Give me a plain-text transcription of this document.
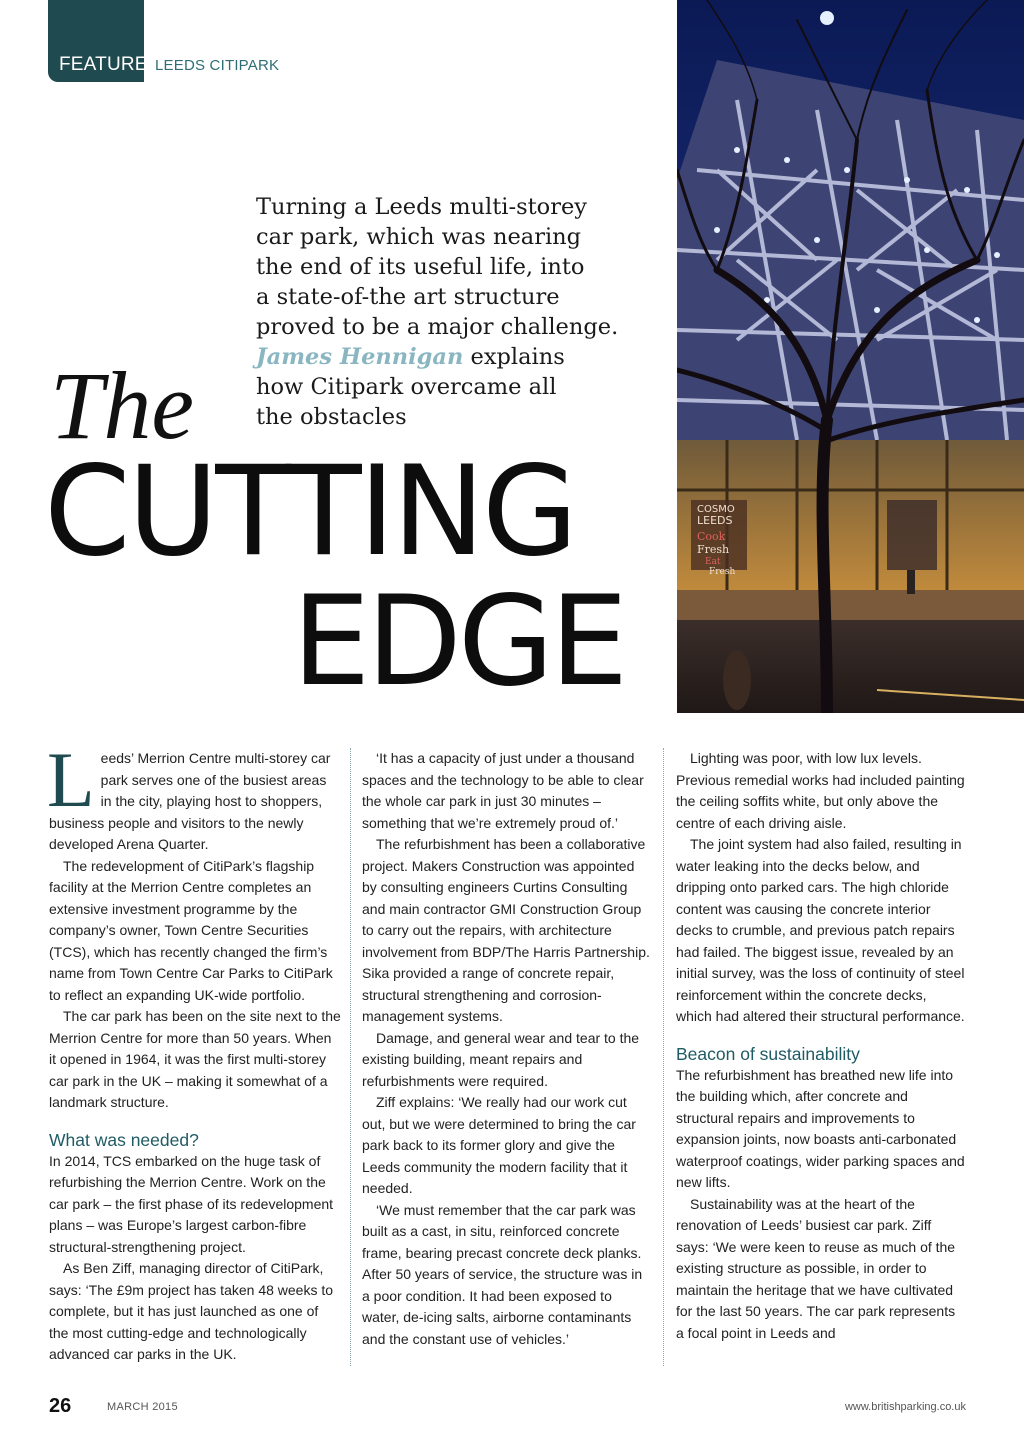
FEATURE LEEDS CITIPARK
Turning a Leeds multi-storey
car park, which was nearing
the end of its useful life, into
a state-of-the art structure
proved to be a major challenge.
James Hennigan explains
how Citipark overcame all
the obstacles
The
CUTTING
EDGE
COSMO
LEEDS
Cook
Fresh
Eat
Fresh

Leeds’ Merrion Centre multi-storey car park serves one of the busiest areas in the city, playing host to shoppers, business people and visitors to the newly developed Arena Quarter.

The redevelopment of CitiPark’s flagship facility at the Merrion Centre completes an extensive investment programme by the company’s owner, Town Centre Securities (TCS), which has recently changed the firm’s name from Town Centre Car Parks to CitiPark to reflect an expanding UK-wide portfolio.

The car park has been on the site next to the Merrion Centre for more than 50 years. When it opened in 1964, it was the first multi-storey car park in the UK – making it somewhat of a landmark structure.

What was needed?

In 2014, TCS embarked on the huge task of refurbishing the Merrion Centre. Work on the car park – the first phase of its redevelopment plans – was Europe’s largest carbon-fibre structural-strengthening project.

As Ben Ziff, managing director of CitiPark, says: ‘The £9m project has taken 48 weeks to complete, but it has just launched as one of the most cutting-edge and technologically advanced car parks in the UK.

‘It has a capacity of just under a thousand spaces and the technology to be able to clear the whole car park in just 30 minutes – something that we’re extremely proud of.’

The refurbishment has been a collaborative project. Makers Construction was appointed by consulting engineers Curtins Consulting and main contractor GMI Construction Group to carry out the repairs, with architecture involvement from BDP/The Harris Partnership. Sika provided a range of concrete repair, structural strengthening and corrosion-management systems.

Damage, and general wear and tear to the existing building, meant repairs and refurbishments were required.

Ziff explains: ‘We really had our work cut out, but we were determined to bring the car park back to its former glory and give the Leeds community the modern facility that it needed.

‘We must remember that the car park was built as a cast, in situ, reinforced concrete frame, bearing precast concrete deck planks. After 50 years of service, the structure was in a poor condition. It had been exposed to water, de-icing salts, airborne contaminants and the constant use of vehicles.’

Lighting was poor, with low lux levels. Previous remedial works had included painting the ceiling soffits white, but only above the centre of each driving aisle.

The joint system had also failed, resulting in water leaking into the decks below, and dripping onto parked cars. The high chloride content was causing the concrete interior decks to crumble, and previous patch repairs had failed. The biggest issue, revealed by an initial survey, was the loss of continuity of steel reinforcement within the concrete decks, which had altered their structural performance.

Beacon of sustainability

The refurbishment has breathed new life into the building which, after concrete and structural repairs and improvements to expansion joints, now boasts anti-carbonated waterproof coatings, wider parking spaces and new lifts.

Sustainability was at the heart of the renovation of Leeds’ busiest car park. Ziff says: ‘We were keen to reuse as much of the existing structure as possible, in order to maintain the heritage that we have cultivated for the last 50 years. The car park represents a focal point in Leeds and

26	MARCH 2015	www.britishparking.co.uk
